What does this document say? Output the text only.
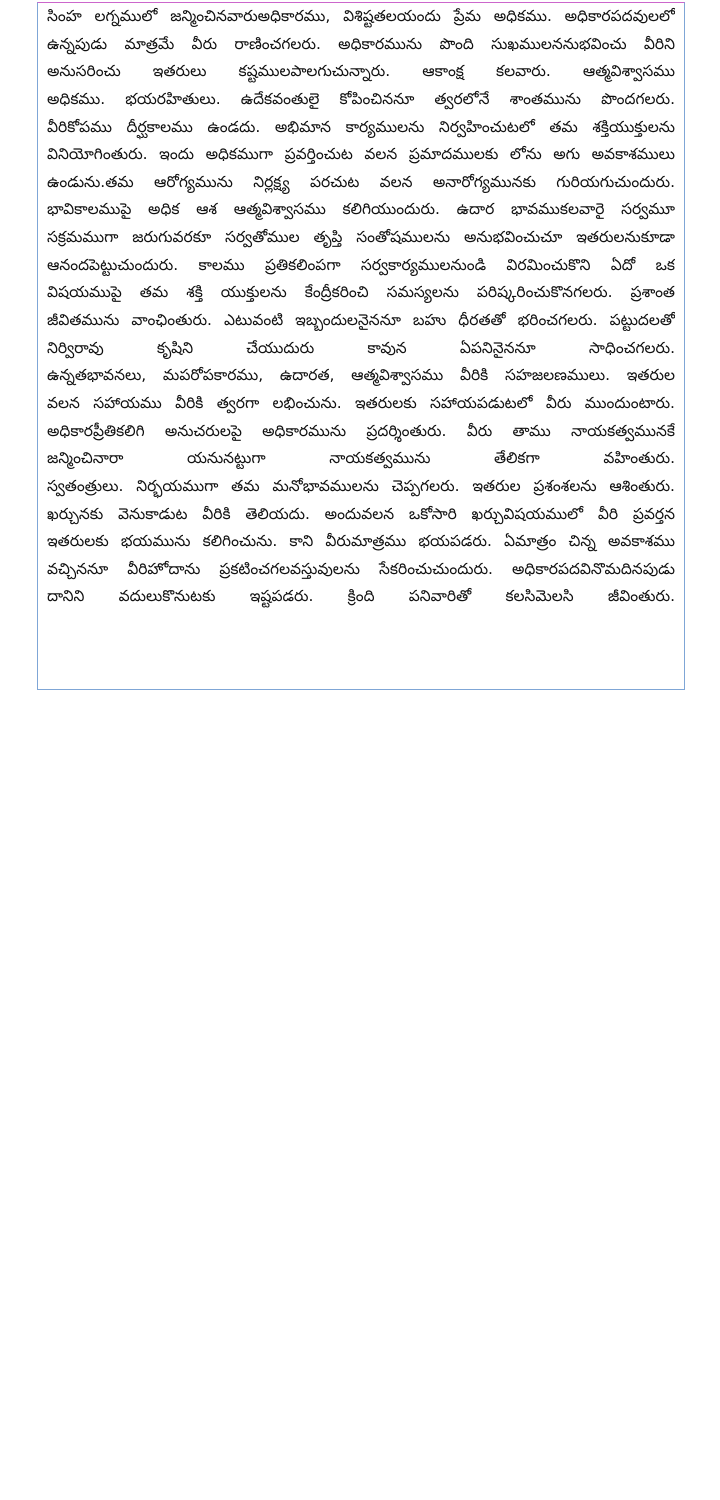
సింహ లగ్నములో జన్మించినవారుఅధికారము, విశిష్టతలయందు ప్రేమ అధికము. అధికారపదవులలో
ఉన్నపుడు మాత్రమే వీరు రాణించగలరు. అధికారమును పొంది సుఖములననుభవించు వీరిని
అనుసరించు ఇతరులు కష్టములపాలగుచున్నారు. ఆకాంక్ష కలవారు. ఆత్మవిశ్వాసము
అధికము. భయరహితులు. ఉదేకవంతులై కోపించిననూ త్వరలోనే శాంతమును పొందగలరు.
వీరికోపము దీర్ఘకాలము ఉండదు. అభిమాన కార్యములను నిర్వహించుటలో తమ శక్తియుక్తులను
వినియోగింతురు. ఇందు అధికముగా ప్రవర్తించుట వలన ప్రమాదములకు లోను అగు అవకాశములు
ఉండును.తమ ఆరోగ్యమును నిర్లక్ష్య పరచుట వలన అనారోగ్యమునకు గురియగుచుందురు.
భావికాలముపై అధిక ఆశ ఆత్మవిశ్వాసము కలిగియుందురు. ఉదార భావముకలవారై సర్వమూ
సక్రమముగా జరుగువరకూ సర్వతోముల తృప్తి సంతోషములను అనుభవించుచూ ఇతరులనుకూడా
ఆనందపెట్టుచుందురు. కాలము ప్రతికలింపగా సర్వకార్యములనుండి విరమించుకొని ఏదో ఒక
విషయముపై తమ శక్తి యుక్తులను కేంద్రీకరించి సమస్యలను పరిష్కరించుకొనగలరు. ప్రశాంత
జీవితమును వాంఛింతురు. ఎటువంటి ఇబ్బందులనైననూ బహు ధీరతతో భరించగలరు. పట్టుదలతో
నిర్విరావు కృషిని చేయుదురు కావున ఏపనినైననూ సాధించగలరు.
ఉన్నతభావనలు, మపరోపకారము, ఉదారత, ఆత్మవిశ్వాసము వీరికి సహజలణములు. ఇతరుల
వలన సహాయము వీరికి త్వరగా లభించును. ఇతరులకు సహాయపడుటలో వీరు ముందుంటారు.
అధికారప్రీతికలిగి అనుచరులపై అధికారమును ప్రదర్శింతురు. వీరు తాము నాయకత్వమునకే
జన్మించినారా యనునట్టుగా నాయకత్వమును తేలికగా వహింతురు.
స్వతంత్రులు. నిర్భయముగా తమ మనోభావములను చెప్పగలరు. ఇతరుల ప్రశంశలను ఆశింతురు.
ఖర్చునకు వెనుకాడుట వీరికి తెలియదు. అందువలన ఒకోసారి ఖర్చువిషయములో వీరి ప్రవర్తన
ఇతరులకు భయమును కలిగించును. కాని వీరుమాత్రము భయపడరు. ఏమాత్రం చిన్న అవకాశము
వచ్చిననూ వీరిహోదాను ప్రకటించగలవస్తువులను సేకరించుచుందురు. అధికారపదవినొమదినపుడు
దానిని వదులుకొనుటకు ఇష్టపడరు. క్రింది పనివారితో కలసిమెలసి జీవింతురు.
